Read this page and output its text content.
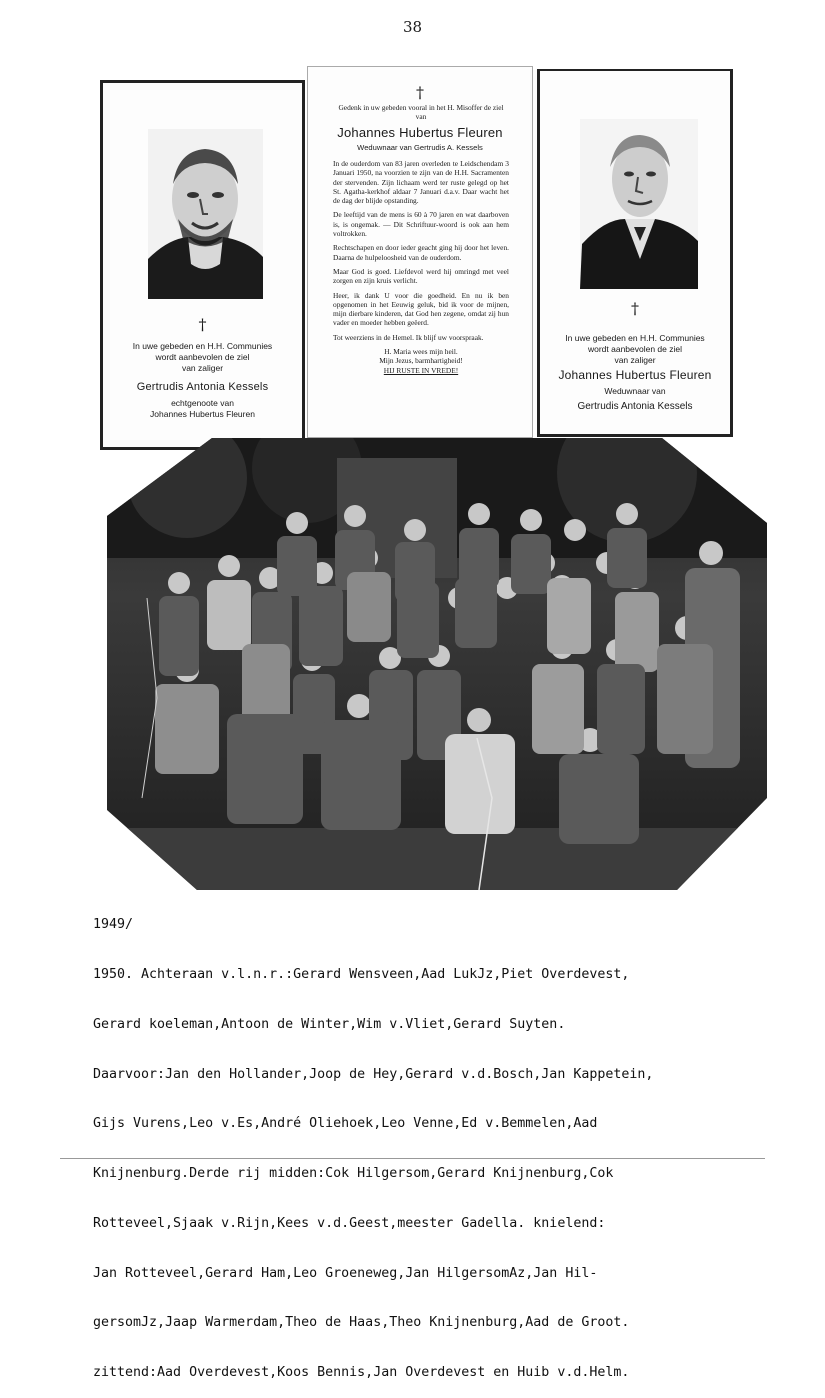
38
†
In uwe gebeden en H.H. Communies
wordt aanbevolen de ziel
van zaliger
Gertrudis Antonia Kessels
echtgenoote van
Johannes Hubertus Fleuren
†
Gedenk in uw gebeden vooral in het H. Misoffer de ziel van
Johannes Hubertus Fleuren
Weduwnaar van Gertrudis A. Kessels

In de ouderdom van 83 jaren overleden te Leidschendam 3 Januari 1950, na voorzien te zijn van de H.H. Sacramenten der stervenden. Zijn lichaam werd ter ruste gelegd op het St. Agatha-kerkhof aldaar 7 Januari d.a.v. Daar wacht het de dag der blijde opstanding.

De leeftijd van de mens is 60 à 70 jaren en wat daarboven is, is ongemak. — Dit Schriftuur-woord is ook aan hem voltrokken.

Rechtschapen en door ieder geacht ging hij door het leven. Daarna de hulpeloosheid van de ouderdom.

Maar God is goed. Liefdevol werd hij omringd met veel zorgen en zijn kruis verlicht.

Heer, ik dank U voor die goedheid. En nu ik ben opgenomen in het Eeuwig geluk, bid ik voor de mijnen, mijn dierbare kinderen, dat God hen zegene, omdat zij hun vader en moeder hebben geëerd.

Tot weerziens in de Hemel. Ik blijf uw voorspraak.

H. Maria wees mijn heil.
Mijn Jezus, barmhartigheid!
HIJ RUSTE IN VREDE!
†
In uwe gebeden en H.H. Communies
wordt aanbevolen de ziel
van zaliger
Johannes Hubertus Fleuren
Weduwnaar van
Gertrudis Antonia Kessels

1949/

1950. Achteraan v.l.n.r.:Gerard Wensveen,Aad LukJz,Piet Overdevest,

Gerard koeleman,Antoon de Winter,Wim v.Vliet,Gerard Suyten.

Daarvoor:Jan den Hollander,Joop de Hey,Gerard v.d.Bosch,Jan Kappetein,

Gijs Vurens,Leo v.Es,André Oliehoek,Leo Venne,Ed v.Bemmelen,Aad

Knijnenburg.Derde rij midden:Cok Hilgersom,Gerard Knijnenburg,Cok

Rotteveel,Sjaak v.Rijn,Kees v.d.Geest,meester Gadella. knielend:

Jan Rotteveel,Gerard Ham,Leo Groeneweg,Jan HilgersomAz,Jan Hil-

gersomJz,Jaap Warmerdam,Theo de Haas,Theo Knijnenburg,Aad de Groot.

zittend:Aad Overdevest,Koos Bennis,Jan Overdevest en Huib v.d.Helm.
